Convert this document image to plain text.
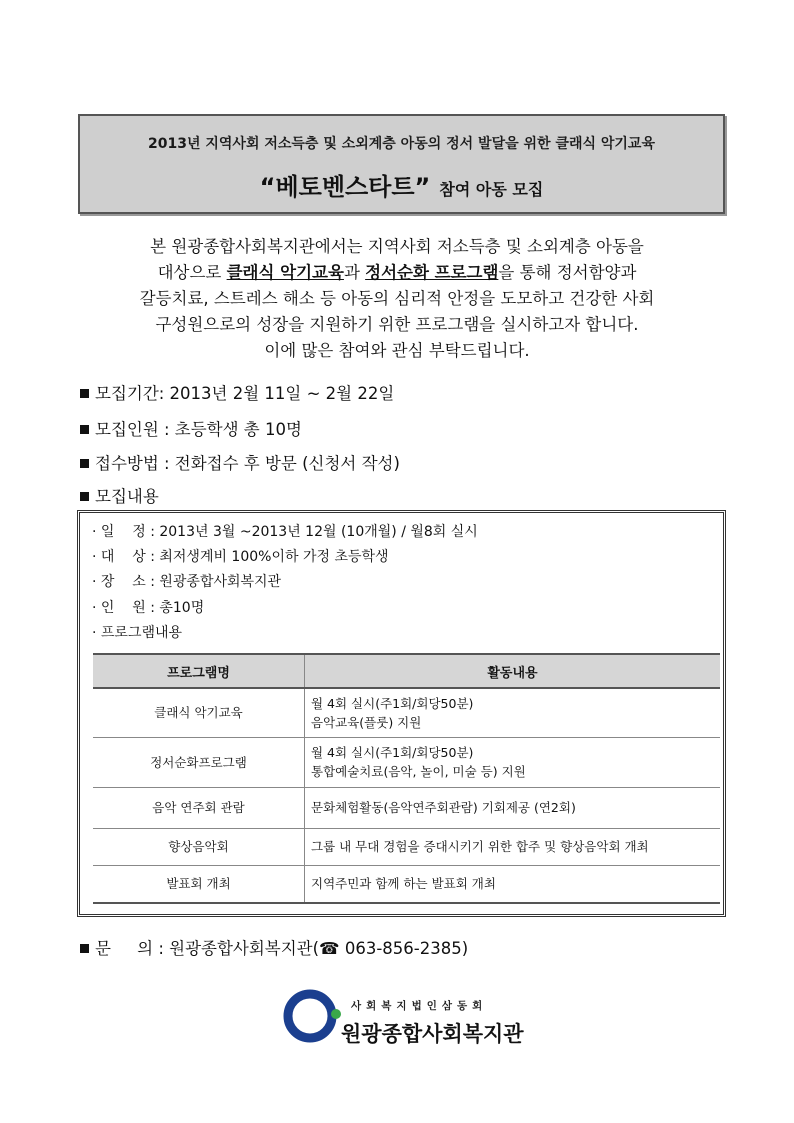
2013년 지역사회 저소득층 및 소외계층 아동의 정서 발달을 위한 클래식 악기교육
“베토벤스타트” 참여 아동 모집
본 원광종합사회복지관에서는 지역사회 저소득층 및 소외계층 아동을
대상으로 클래식 악기교육과 정서순화 프로그램을 통해 정서함양과
갈등치료, 스트레스 해소 등 아동의 심리적 안정을 도모하고 건강한 사회
구성원으로의 성장을 지원하기 위한 프로그램을 실시하고자 합니다.
이에 많은 참여와 관심 부탁드립니다.
모집기간: 2013년 2월 11일 ~ 2월 22일
모집인원 : 초등학생 총 10명
접수방법 : 전화접수 후 방문 (신청서 작성)
모집내용
· 일    정 : 2013년 3월 ~2013년 12월 (10개월) / 월8회 실시
· 대    상 : 최저생계비 100%이하 가정 초등학생
· 장    소 : 원광종합사회복지관
· 인    원 : 총10명
· 프로그램내용
프로그램명	활동내용
클래식 악기교육	월 4회 실시(주1회/회당50분)
음악교육(플룻) 지원

정서순화프로그램	월 4회 실시(주1회/회당50분)
통합예술치료(음악, 놀이, 미술 등) 지원

음악 연주회 관람	문화체험활동(음악연주회관람) 기회제공 (연2회)
향상음악회	그룹 내 무대 경험을 증대시키기 위한 합주 및 향상음악회 개최
발표회 개최	지역주민과 함께 하는 발표회 개최
문     의 : 원광종합사회복지관(☎ 063-856-2385)
사회복지법인삼동회
원광종합사회복지관
